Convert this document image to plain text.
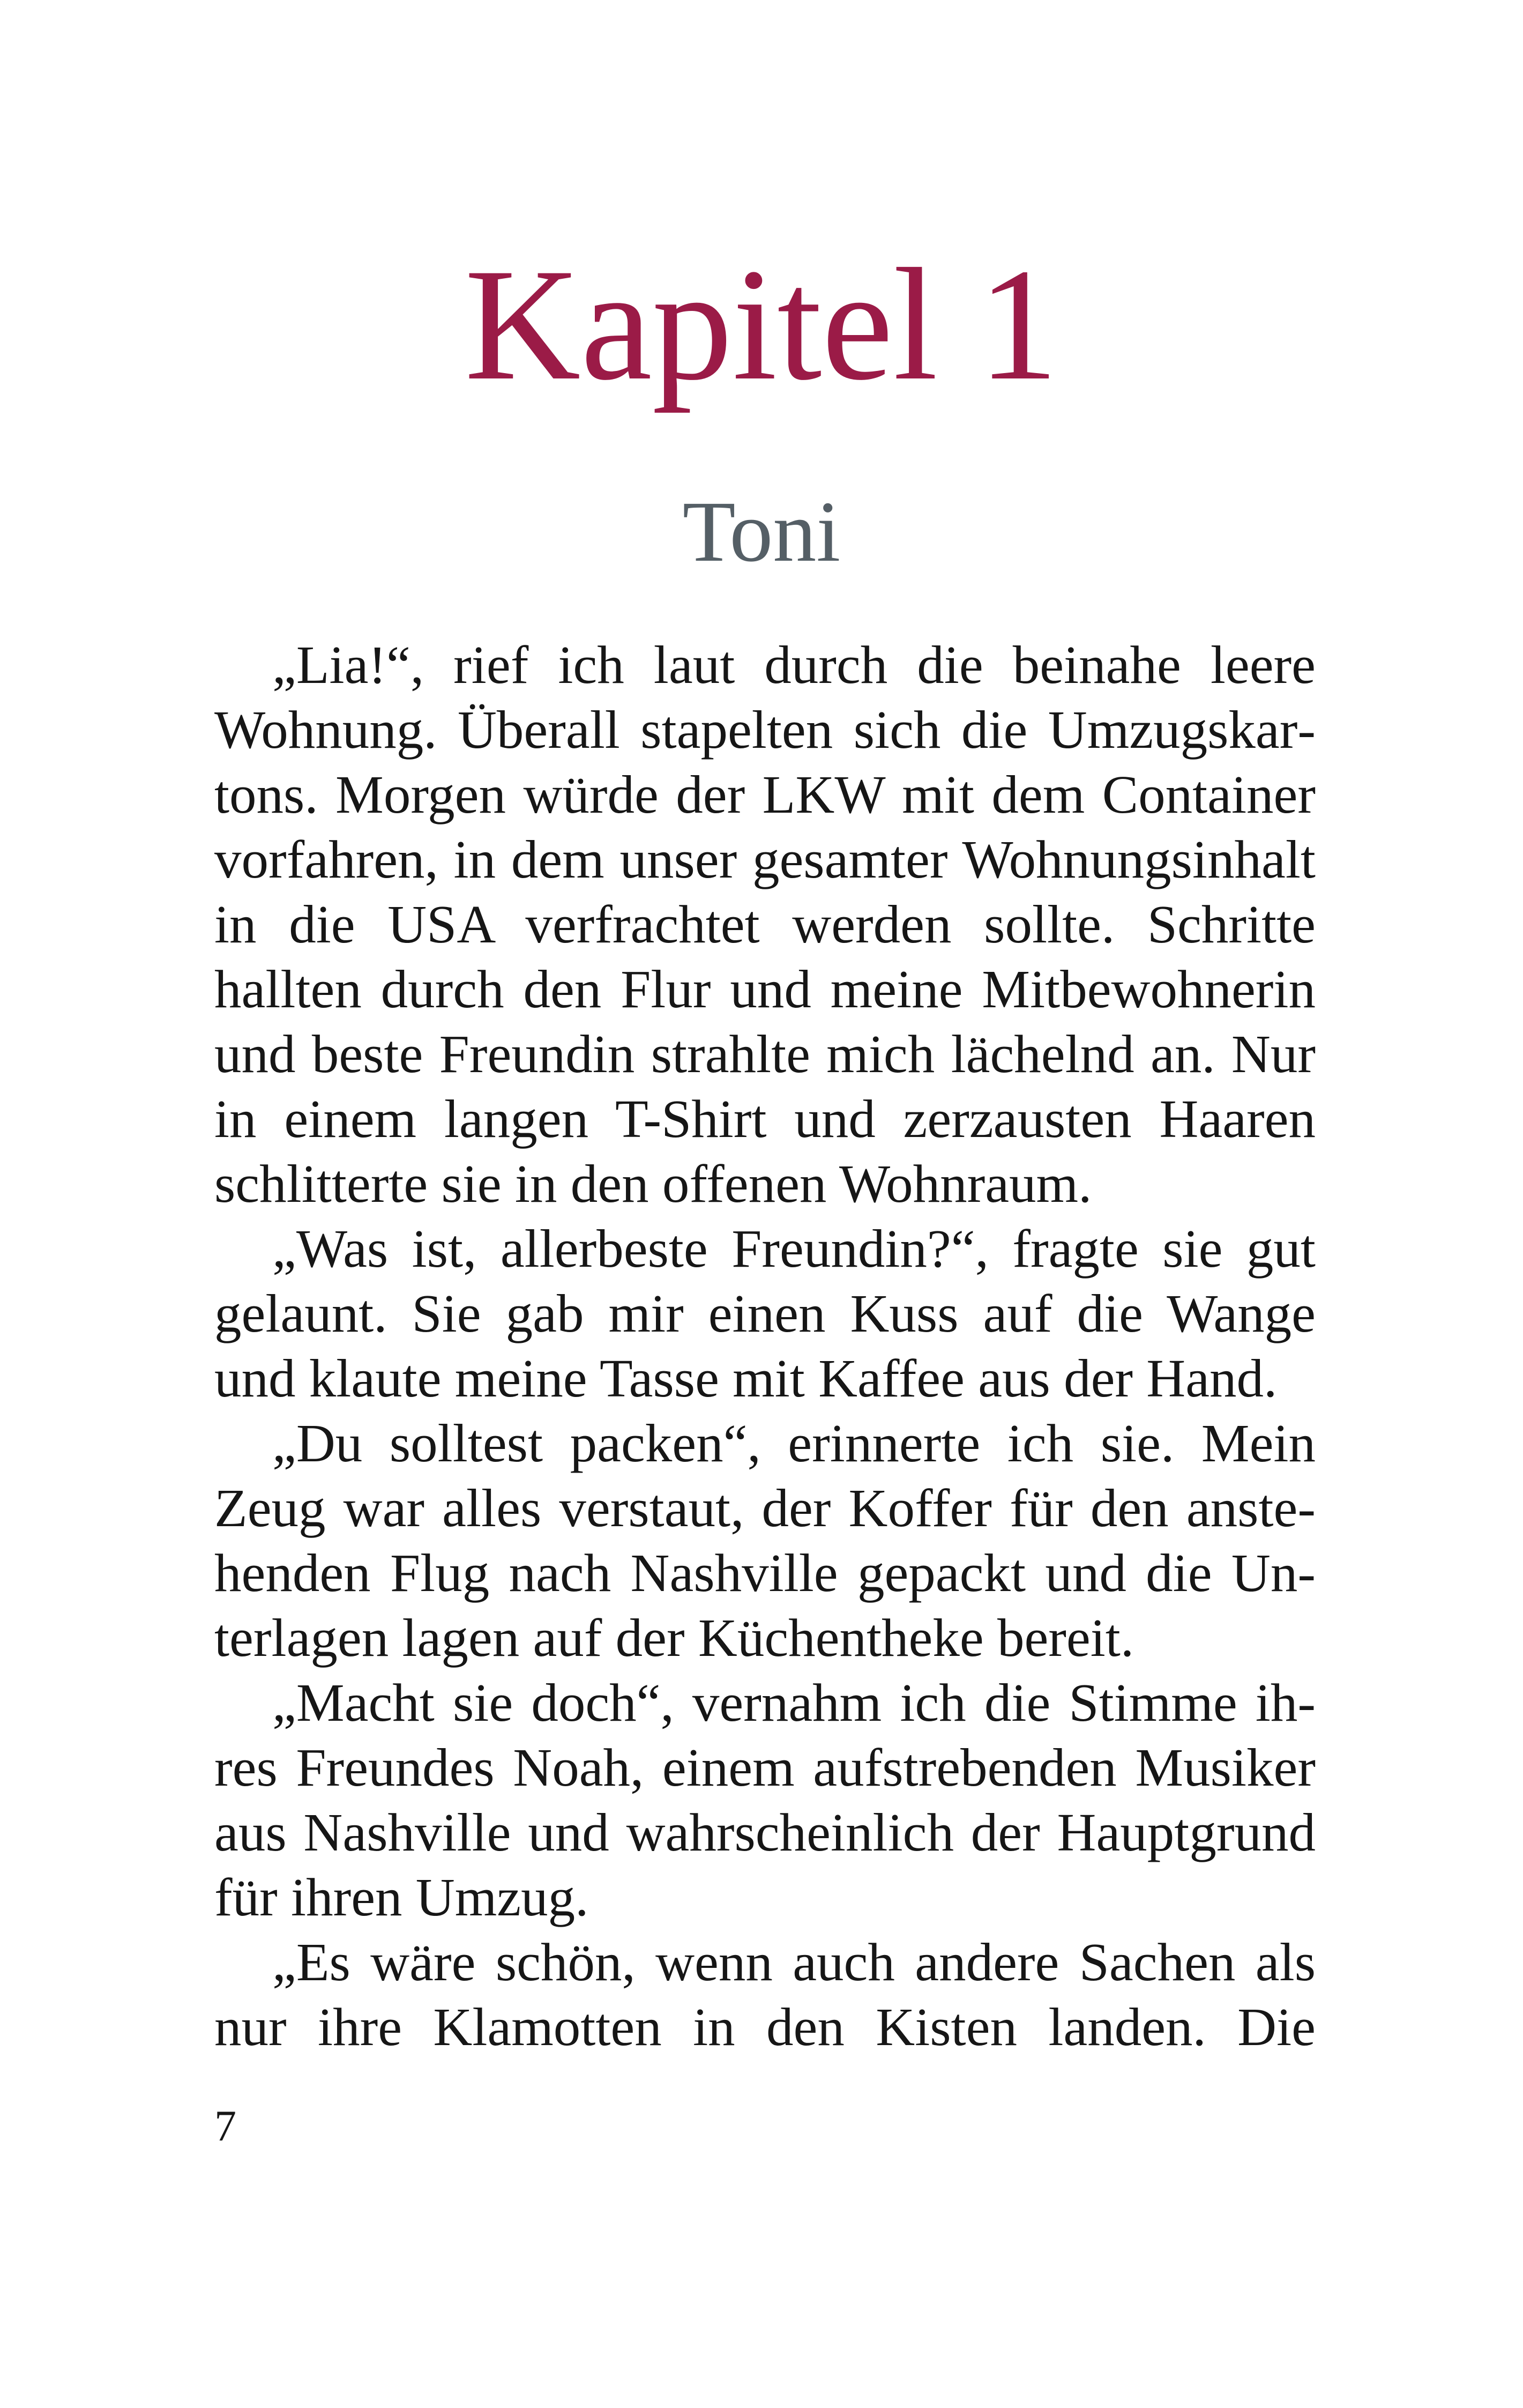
Kapitel 1
Toni

„Lia!“, rief ich laut durch die beinahe leere Wohnung. Überall stapelten sich die Umzugskartons. Morgen würde der LKW mit dem Container vorfahren, in dem unser gesamter Wohnungsinhalt in die USA verfrachtet werden sollte. Schritte hallten durch den Flur und meine Mitbewohnerin und beste Freundin strahlte mich lächelnd an. Nur in einem langen T-Shirt und zerzausten Haaren schlitterte sie in den offenen Wohnraum.

„Was ist, allerbeste Freundin?“, fragte sie gut gelaunt. Sie gab mir einen Kuss auf die Wange und klaute meine Tasse mit Kaffee aus der Hand.

„Du solltest packen“, erinnerte ich sie. Mein Zeug war alles verstaut, der Koffer für den anstehenden Flug nach Nashville gepackt und die Unterlagen lagen auf der Küchentheke bereit.

„Macht sie doch“, vernahm ich die Stimme ihres Freundes Noah, einem aufstrebenden Musiker aus Nashville und wahrscheinlich der Hauptgrund für ihren Umzug.

„Es wäre schön, wenn auch andere Sachen als nur ihre Klamotten in den Kisten landen. Die

7
